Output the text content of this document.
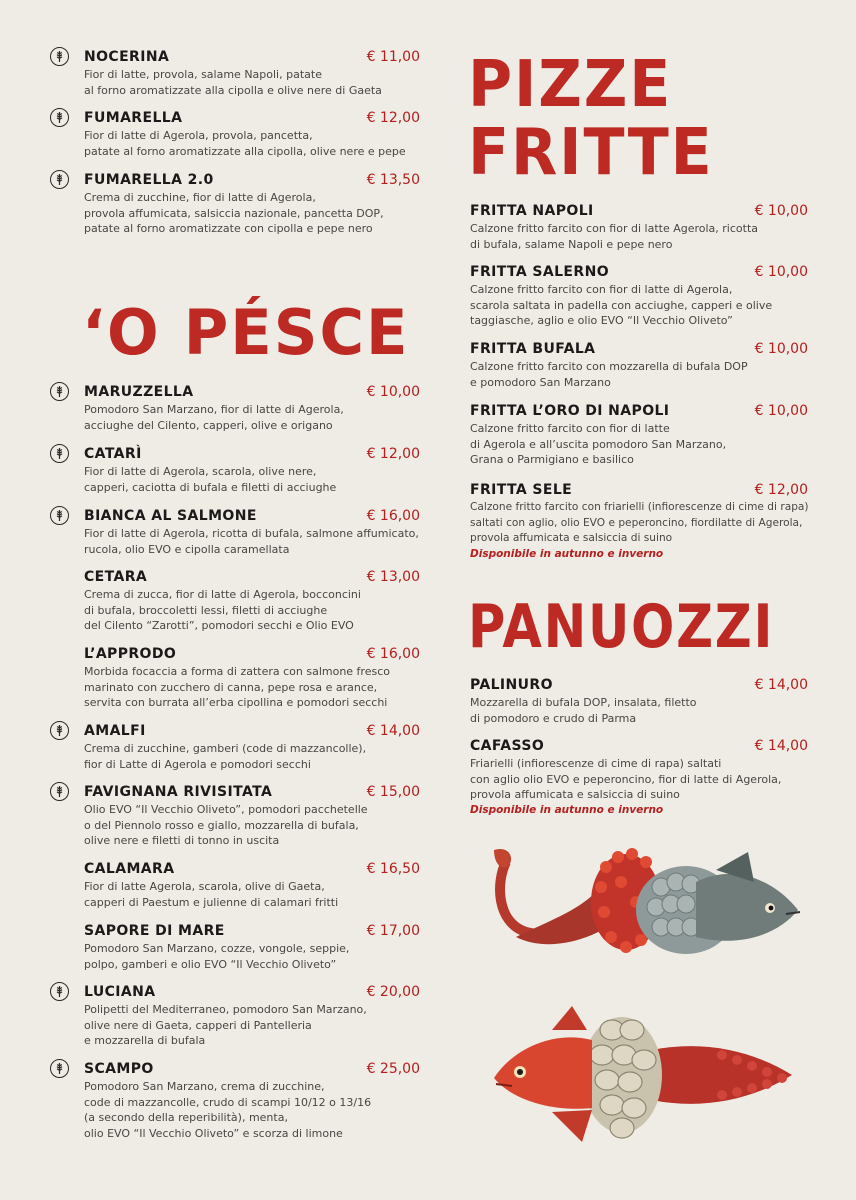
NOCERINA	€ 11,00
Fior di latte, provola, salame Napoli, patate
al forno aromatizzate alla cipolla e olive nere di Gaeta
FUMARELLA	€ 12,00
Fior di latte di Agerola, provola, pancetta,
patate al forno aromatizzate alla cipolla, olive nere e pepe
FUMARELLA 2.0	€ 13,50
Crema di zucchine, fior di latte di Agerola,
provola affumicata, salsiccia nazionale, pancetta DOP,
patate al forno aromatizzate con cipolla e pepe nero
MARUZZELLA	€ 10,00
Pomodoro San Marzano, fior di latte di Agerola,
acciughe del Cilento, capperi, olive e origano
CATARÌ	€ 12,00
Fior di latte di Agerola, scarola, olive nere,
capperi, caciotta di bufala e filetti di acciughe
BIANCA AL SALMONE	€ 16,00
Fior di latte di Agerola, ricotta di bufala, salmone affumicato,
rucola, olio EVO e cipolla caramellata
CETARA	€ 13,00
Crema di zucca, fior di latte di Agerola, bocconcini
di bufala, broccoletti lessi, filetti di acciughe
del Cilento “Zarotti”, pomodori secchi e Olio EVO
L’APPRODO	€ 16,00
Morbida focaccia a forma di zattera con salmone fresco
marinato con zucchero di canna, pepe rosa e arance,
servita con burrata all’erba cipollina e pomodori secchi
AMALFI	€ 14,00
Crema di zucchine, gamberi (code di mazzancolle),
fior di Latte di Agerola e pomodori secchi
FAVIGNANA RIVISITATA	€ 15,00
Olio EVO “Il Vecchio Oliveto”, pomodori pacchetelle
o del Piennolo rosso e giallo, mozzarella di bufala,
olive nere e filetti di tonno in uscita
CALAMARA	€ 16,50
Fior di latte Agerola, scarola, olive di Gaeta,
capperi di Paestum e julienne di calamari fritti
SAPORE DI MARE	€ 17,00
Pomodoro San Marzano, cozze, vongole, seppie,
polpo, gamberi e olio EVO “Il Vecchio Oliveto”
LUCIANA	€ 20,00
Polipetti del Mediterraneo, pomodoro San Marzano,
olive nere di Gaeta, capperi di Pantelleria
e mozzarella di bufala
SCAMPO	€ 25,00
Pomodoro San Marzano, crema di zucchine,
code di mazzancolle, crudo di scampi 10/12 o 13/16
(a secondo della reperibilità), menta,
olio EVO “Il Vecchio Oliveto” e scorza di limone
‘O PÉSCE
PIZZE
FRITTE
FRITTA NAPOLI	€ 10,00
Calzone fritto farcito con fior di latte Agerola, ricotta
di bufala, salame Napoli e pepe nero
FRITTA SALERNO	€ 10,00
Calzone fritto farcito con fior di latte di Agerola,
scarola saltata in padella con acciughe, capperi e olive
taggiasche, aglio e olio EVO “Il Vecchio Oliveto”
FRITTA BUFALA	€ 10,00
Calzone fritto farcito con mozzarella di bufala DOP
e pomodoro San Marzano
FRITTA L’ORO DI NAPOLI	€ 10,00
Calzone fritto farcito con fior di latte
di Agerola e all’uscita pomodoro San Marzano,
Grana o Parmigiano e basilico
FRITTA SELE	€ 12,00
Calzone fritto farcito con friarielli (infiorescenze di cime di rapa)
saltati con aglio, olio EVO e peperoncino, fiordilatte di Agerola,
provola affumicata e salsiccia di suino
Disponibile in autunno e inverno
PALINURO	€ 14,00
Mozzarella di bufala DOP, insalata, filetto
di pomodoro e crudo di Parma
CAFASSO	€ 14,00
Friarielli (infiorescenze di cime di rapa) saltati
con aglio olio EVO e peperoncino, fior di latte di Agerola,
provola affumicata e salsiccia di suino
Disponibile in autunno e inverno
PANUOZZI
